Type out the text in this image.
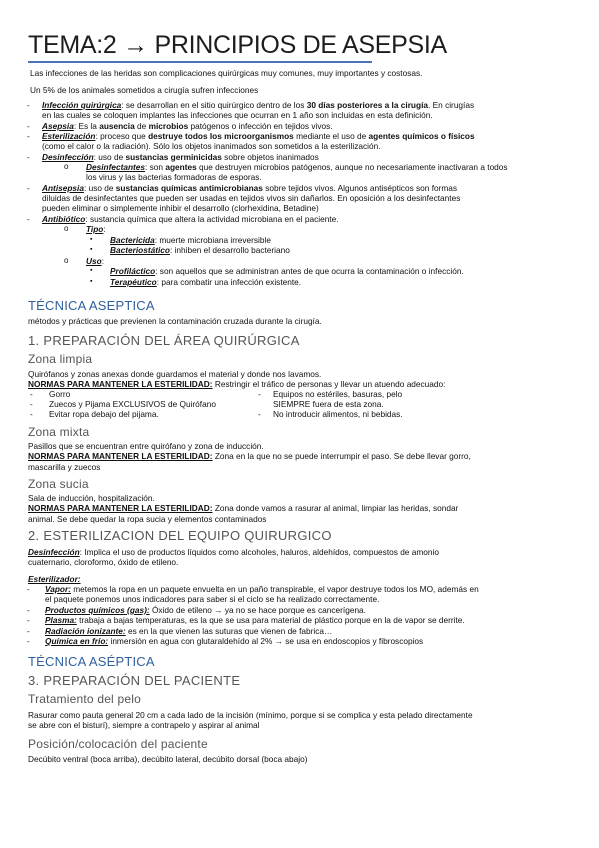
TEMA:2 → PRINCIPIOS DE ASEPSIA
Las infecciones de las heridas son complicaciones quirúrgicas muy comunes, muy importantes y costosas.
Un 5% de los animales sometidos a cirugía sufren infecciones
- Infección quirúrgica: se desarrollan en el sitio quirúrgico dentro de los 30 días posteriores a la cirugía. En cirugías
en las cuales se coloquen implantes las infecciones que ocurran en 1 año son incluidas en esta definición.
- Asepsia: Es la ausencia de microbios patógenos o infección en tejidos vivos.
- Esterilización: proceso que destruye todos los microorganismos mediante el uso de agentes químicos o físicos
(como el calor o la radiación). Sólo los objetos inanimados son sometidos a la esterilización.
- Desinfección: uso de sustancias germinicidas sobre objetos inanimados
o Desinfectantes: son agentes que destruyen microbios patógenos, aunque no necesariamente inactivaran a todos
los virus y las bacterias formadoras de esporas.
- Antisepsia: uso de sustancias químicas antimicrobianas sobre tejidos vivos. Algunos antisépticos son formas
diluidas de desinfectantes que pueden ser usadas en tejidos vivos sin dañarlos. En oposición a los desinfectantes
pueden eliminar o simplemente inhibir el desarrollo (clorhexidina, Betadine)
- Antibiótico: sustancia química que altera la actividad microbiana en el paciente.
o Tipo:
▪ Bactericida: muerte microbiana irreversible
▪ Bacteriostático: inhiben el desarrollo bacteriano
o Uso:
▪ Profiláctico: son aquellos que se administran antes de que ocurra la contaminación o infección.
▪ Terapéutico: para combatir una infección existente.
TÉCNICA ASEPTICA
métodos y prácticas que previenen la contaminación cruzada durante la cirugía.
1. PREPARACIÓN DEL ÁREA QUIRÚRGICA
Zona limpia
Quirófanos y zonas anexas donde guardamos el material y donde nos lavamos.
NORMAS PARA MANTENER LA ESTERILIDAD: Restringir el tráfico de personas y llevar un atuendo adecuado:
- Gorro
- Zuecos y Pijama EXCLUSIVOS de Quirófano
- Evitar ropa debajo del pijama.
- Equipos no estériles, basuras, pelo
SIEMPRE fuera de esta zona.
- No introducir alimentos, ni bebidas.
Zona mixta
Pasillos que se encuentran entre quirófano y zona de inducción.
NORMAS PARA MANTENER LA ESTERILIDAD: Zona en la que no se puede interrumpir el paso. Se debe llevar gorro,
mascarilla y zuecos
Zona sucia
Sala de inducción, hospitalización.
NORMAS PARA MANTENER LA ESTERILIDAD: Zona donde vamos a rasurar al animal, limpiar las heridas, sondar
animal. Se debe quedar la ropa sucia y elementos contaminados
2. ESTERILIZACION DEL EQUIPO QUIRURGICO
Desinfección: Implica el uso de productos líquidos como alcoholes, haluros, aldehídos, compuestos de amonio
cuaternario, cloroformo, óxido de etileno.
Esterilizador:
- Vapor: metemos la ropa en un paquete envuelta en un paño transpirable, el vapor destruye todos los MO, además en
el paquete ponemos unos indicadores para saber si el ciclo se ha realizado correctamente.
- Productos químicos (gas): Óxido de etileno → ya no se hace porque es cancerígena.
- Plasma: trabaja a bajas temperaturas, es la que se usa para material de plástico porque en la de vapor se derrite.
- Radiación ionizante: es en la que vienen las suturas que vienen de fabrica…
- Química en frío: inmersión en agua con glutaraldehído al 2% → se usa en endoscopios y fibroscopios
TÉCNICA ASÉPTICA
3. PREPARACIÓN DEL PACIENTE
Tratamiento del pelo
Rasurar como pauta general 20 cm a cada lado de la incisión (mínimo, porque si se complica y esta pelado directamente
se abre con el bisturí), siempre a contrapelo y aspirar al animal
Posición/colocación del paciente
Decúbito ventral (boca arriba), decúbito lateral, decúbito dorsal (boca abajo)
